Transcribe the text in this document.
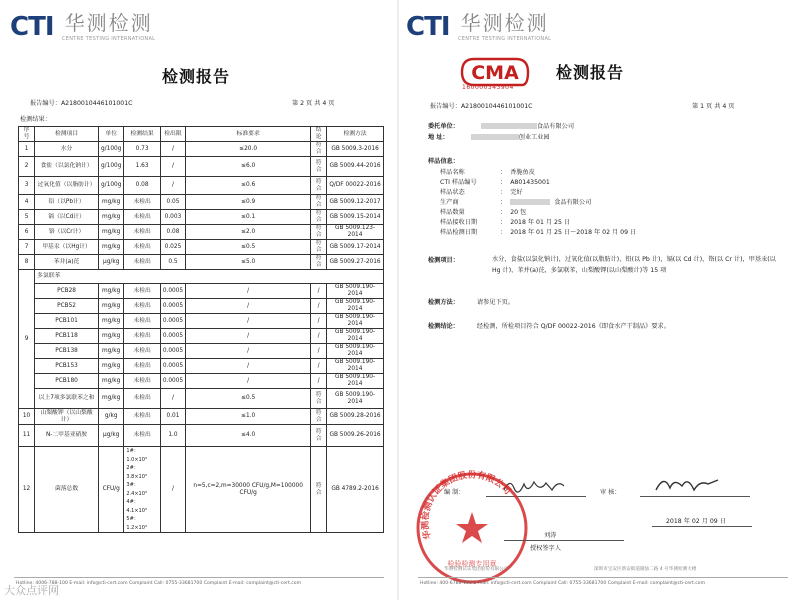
CTI 华测检测
CENTRE TESTING INTERNATIONAL
检测报告
报告编号：A2180010446101001C	第 2 页 共 4 页
检测结果：
序号	检测项目	单位	检测结果	检出限	标准要求	结论	检测方法
1	水分	g/100g	0.73	/	≤20.0	符合	GB 5009.3-2016
2	食盐（以氯化钠计）	g/100g	1.63	/	≤6.0	符合	GB 5009.44-2016
3	过氧化值（以脂肪计）	g/100g	0.08	/	≤0.6	符合	Q/DF 00022-2016
4	铅（以Pb计）	mg/kg	未检出	0.05	≤0.9	符合	GB 5009.12-2017
5	镉（以Cd计）	mg/kg	未检出	0.003	≤0.1	符合	GB 5009.15-2014
6	铬（以Cr计）	mg/kg	未检出	0.08	≤2.0	符合	GB 5009.123-2014
7	甲基汞（以Hg计）	mg/kg	未检出	0.025	≤0.5	符合	GB 5009.17-2014
8	苯并(a)芘	μg/kg	未检出	0.5	≤5.0	符合	GB 5009.27-2016
9	多氯联苯						
	PCB28	mg/kg	未检出	0.0005	/	/	GB 5009.190-2014
	PCB52	mg/kg	未检出	0.0005	/	/	GB 5009.190-2014
	PCB101	mg/kg	未检出	0.0005	/	/	GB 5009.190-2014
	PCB118	mg/kg	未检出	0.0005	/	/	GB 5009.190-2014
	PCB138	mg/kg	未检出	0.0005	/	/	GB 5009.190-2014
	PCB153	mg/kg	未检出	0.0005	/	/	GB 5009.190-2014
	PCB180	mg/kg	未检出	0.0005	/	/	GB 5009.190-2014
	以上7项多氯联苯之和	mg/kg	未检出	/	≤0.5	符合	GB 5009.190-2014
10	山梨酸钾（以山梨酸计）	g/kg	未检出	0.01	≤1.0	符合	GB 5009.28-2016
11	N-二甲基亚硝胺	μg/kg	未检出	1.0	≤4.0	符合	GB 5009.26-2016
12	菌落总数	CFU/g	1#：1.0×10³
2#：3.8×10³
3#：2.4×10³
4#：4.1×10³
5#：1.2×10³	/	n=5,c=2,m=30000 CFU/g,M=100000 CFU/g	符合	GB 4789.2-2016
Hotline: 4006-788-100 E-mail: info@cti-cert.com Complaint Call: 0755-33681700 Complaint E-mail: complaint@cti-cert.com
大众点评网
CTI 华测检测
CENTRE TESTING INTERNATIONAL
CMA
160000343904
检测报告
报告编号：A2180010446101001C	第 1 页 共 4 页
委托单位：	食品有限公司
地 址：	创业工业园
样品信息：
样品名称	： 香脆鱼皮
CTI 样品编号	： A801435001
样品状态	： 完好
生产商	：	食品有限公司
样品数量	： 20 包
样品接收日期	： 2018 年 01 月 25 日
样品检测日期	： 2018 年 01 月 25 日～2018 年 02 月 09 日
检测项目：	水分，食盐(以氯化钠计)，过氧化值(以脂肪计)，铅(以 Pb 计)，镉(以 Cd 计)，铬(以 Cr 计)，甲基汞(以 Hg 计)，苯并(a)芘，多氯联苯，山梨酸钾(以山梨酸计)等 15 项
检测方法：	请参见下页。
检测结论：	经检测，所检项目符合 Q/DF 00022-2016《即食水产干制品》要求。
编 制：	审 核：
华测检测认证集团股份有限公司
检验检测专用章
刘涛
授权签字人
2018 年 02 月 09 日
华测检测认证集团股份有限公司	深圳市宝安区新安街道隆仙二路 4 号华测检测大楼
Hotline: 400-6788-100 E-mail: info@cti-cert.com Complaint Call: 0755-33681700 Complaint E-mail: complaint@cti-cert.com
